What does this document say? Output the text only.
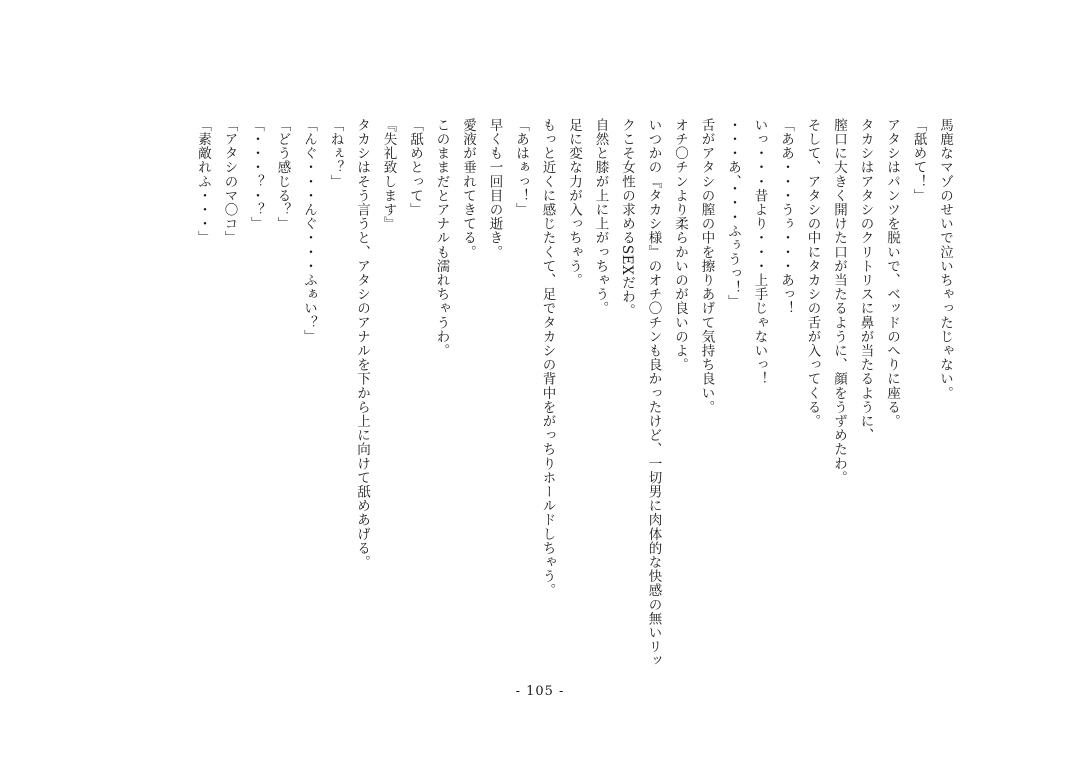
馬鹿なマゾのせいで泣いちゃったじゃない。
「舐めて！」
アタシはパンツを脱いで、ベッドのへりに座る。
タカシはアタシのクリトリスに鼻が当たるように、
膣口に大きく開けた口が当たるように、顔をうずめたわ。
そして、アタシの中にタカシの舌が入ってくる。
「ああ・・・うぅ・・・あっ！
いっ・・・昔より・・・上手じゃないっ！
・・・あ、・・・ふぅうっ！」
舌がアタシの膣の中を擦りあげて気持ち良い。
オチ〇チンより柔らかいのが良いのよ。
いつかの『タカシ様』のオチ〇チンも良かったけど、一切男に肉体的な快感の無いリッ
クこそ女性の求めるSEXだわ。
自然と膝が上に上がっちゃう。
足に変な力が入っちゃう。
もっと近くに感じたくて、足でタカシの背中をがっちりホールドしちゃう。
「あはぁっ！」
早くも一回目の逝き。
愛液が垂れてきてる。
このままだとアナルも濡れちゃうわ。
「舐めとって」
『失礼致します』
タカシはそう言うと、アタシのアナルを下から上に向けて舐めあげる。
「ねぇ？」
「んぐ・・・んぐ・・・ふぁい？」
「どう感じる？」
「・・・？・？」
「アタシのマ〇コ」
「素敵れふ・・・」
- 105 -
